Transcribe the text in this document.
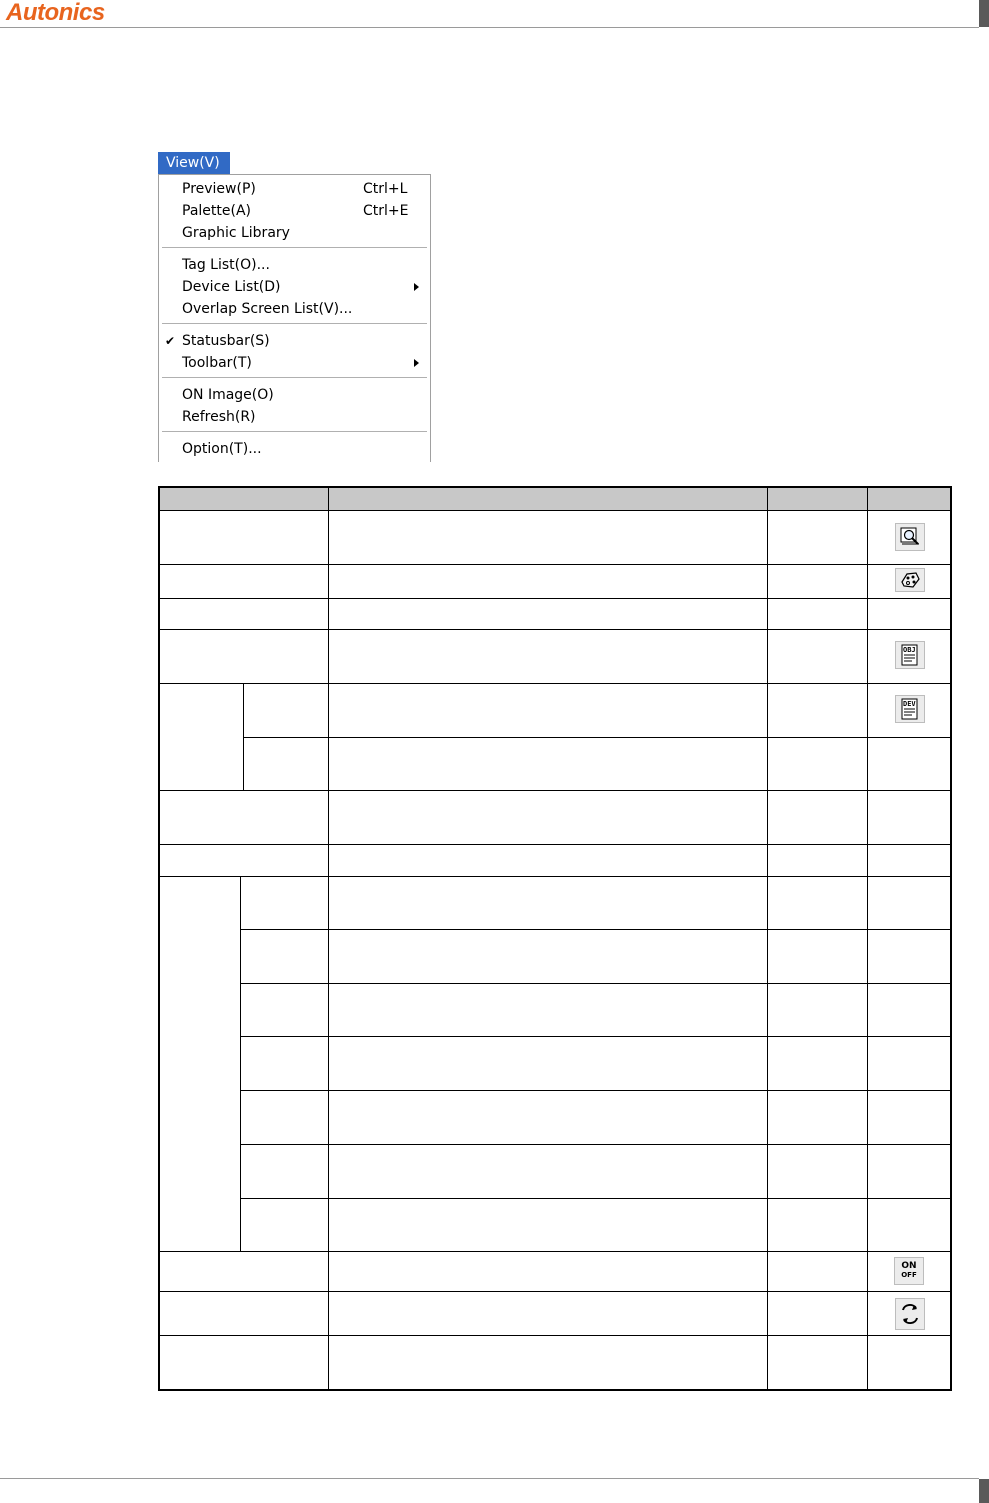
Autonics
View(V)
Preview(P)	Ctrl+L
Palette(A)	Ctrl+E
Graphic Library
Tag List(O)...
Device List(D)
Overlap Screen List(V)...
✔ Statusbar(S)
Toolbar(T)
ON Image(O)
Refresh(R)
Option(T)...
OBJ
DEV
ON
OFF
